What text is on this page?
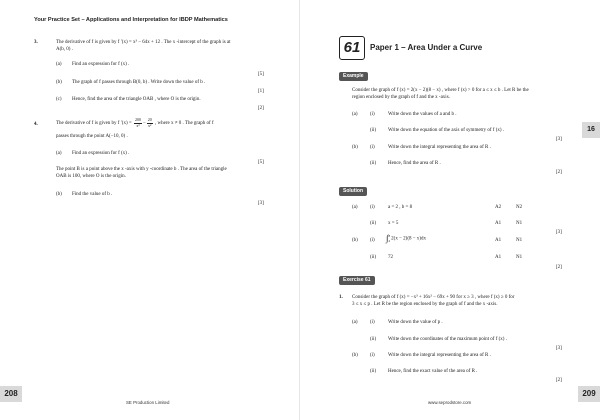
Your Practice Set – Applications and Interpretation for IBDP Mathematics
3.	The derivative of f is given by f ′(x) = x³ − 64x + 12 . The x -intercept of the graph is at
A(b, 0) .
(a) Find an expression for f (x) .
[5]
(b) The graph of f passes through B(0, b) . Write down the value of b .
[1]
(c) Hence, find the area of the triangle OAB , where O is the origin.
[2]
4.	The derivative of f is given by f $'(x) = \frac{200}{\text{x³}} - \frac{20}{\text{x²}}$ , where x ≠ 0 . The graph of f
passes through the point A(−10, 0) .
(a) Find an expression for f (x) .
[5]
The point B is a point above the x -axis with y -coordinate b . The area of the triangle
OAB is 100, where O is the origin.
(b) Find the value of b .
[3]
208
SE Production Limited
61	Paper 1 – Area Under a Curve
Example
Consider the graph of f (x) = 2(x − 2)(8 − x) , where f (x) > 0 for a ≤ x ≤ b . Let R be the
region enclosed by the graph of f and the x -axis.
(a) (i)	Write down the values of a and b .
(ii) Write down the equation of the axis of symmetry of f (x) .
[3]
(b) (i)	Write down the integral representing the area of R .
(ii) Hence, find the area of R .
[2]
Solution
(a) (i)	a = 2 , b = 8	A2	N2
(ii) x = 5	A1	N1
[3]
(b) (i) ∫ 8
2 2(x − 2)(8 − x)dx	A1	N1
(ii) 72	A1	N1
[2]
Exercise 61
1. Consider the graph of f (x) = −x³ + 16x² − 69x + 90 for x ≥ 3 , where f (x) ≥ 0 for
3 ≤ x ≤ p . Let R be the region enclosed by the graph of f and the x -axis.
(a) (i)	Write down the value of p .
(ii) Write down the coordinates of the maximum point of f (x) .
[3]
(b) (i)	Write down the integral representing the area of R .
(ii) Hence, find the exact value of the area of R .
[2]
16
www.seprodstore.com
209
